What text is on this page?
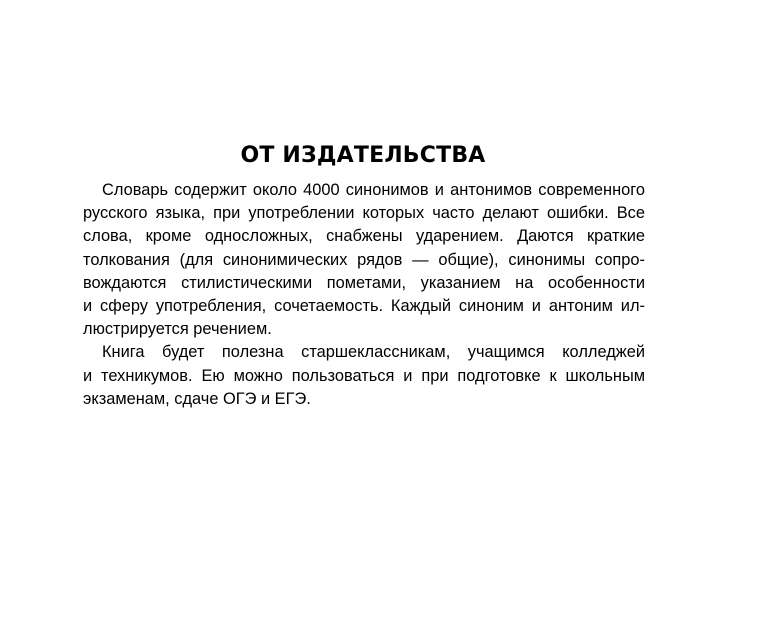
ОТ ИЗДАТЕЛЬСТВА
Словарь содержит около 4000 синонимов и антонимов современного
русского языка, при употреблении которых часто делают ошибки. Все
слова, кроме односложных, снабжены ударением. Даются краткие
толкования (для синонимических рядов — общие), синонимы сопро-
вождаются стилистическими пометами, указанием на особенности
и сферу употребления, сочетаемость. Каждый синоним и антоним ил-
люстрируется речением.
Книга будет полезна старшеклассникам, учащимся колледжей
и техникумов. Ею можно пользоваться и при подготовке к школьным
экзаменам, сдаче ОГЭ и ЕГЭ.
